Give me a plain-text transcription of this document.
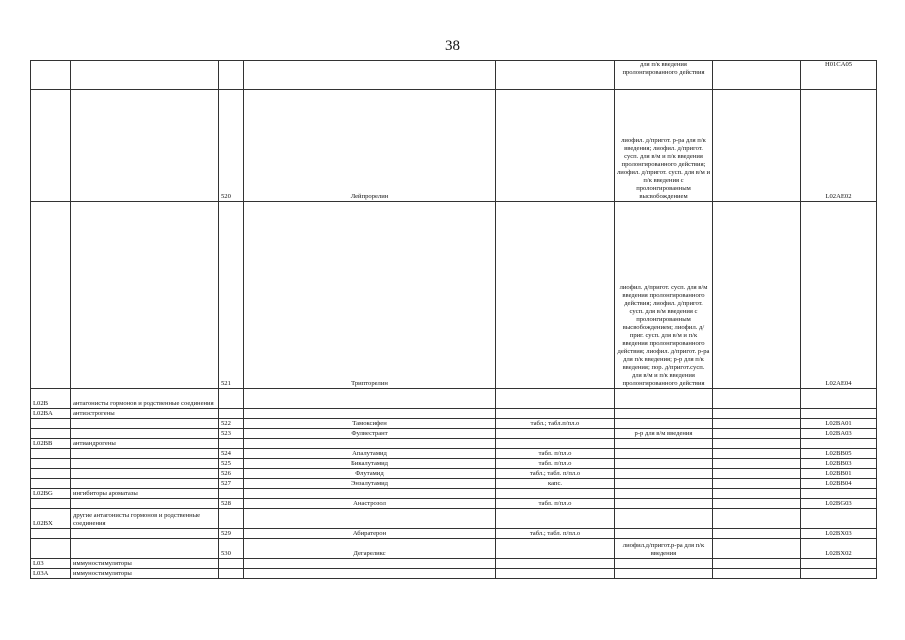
38
					для п/к введения пролонгированного действия		H01CA05
		520	Лейпрорелин		лиофил. д/пригот. р-ра для п/к введения; лиофил. д/пригот. сусп. для в/м и п/к введения пролонгированного действия; лиофил. д/пригот. сусп. для в/м и п/к введения с пролонгированным высвобождением		L02AE02
		521	Трипторелин		лиофил. д/пригот. сусп. для в/м введения пролонгированного действия; лиофил. д/пригот. сусп. для в/м введения с пролонгированным высвобождением; лиофил. д/приг. сусп. для в/м и п/к введения пролонгированного действия; лиофил. д/пригот. р-ра для п/к введения; р-р для п/к введения; пор. д/пригот.сусп. для в/м и п/к введения пролонгированного действия		L02AE04
L02B	антагонисты гормонов и родственные соединения						
L02BA	антиэстрогены						
		522	Тамоксифен	табл.; табл.п/пл.о			L02BA01
		523	Фулвестрант		р-р для в/м введения		L02BA03
L02BB	антиандрогены						
		524	Апалутамид	табл. п/пл.о			L02BB05
		525	Бикалутамид	табл. п/пл.о			L02BB03
		526	Флутамид	табл.; табл. п/пл.о			L02BB01
		527	Энзалутамид	капс.			L02BB04
L02BG	ингибиторы ароматазы						
		528	Анастрозол	табл. п/пл.о			L02BG03
L02BX	другие антагонисты гормонов и родственные соединения						
		529	Абиратерон	табл.; табл. п/пл.о			L02BX03
		530	Дегареликс		лиофил.д/пригот.р-ра для п/к введения		L02BX02
L03	иммуностимуляторы						
L03A	иммуностимуляторы						
